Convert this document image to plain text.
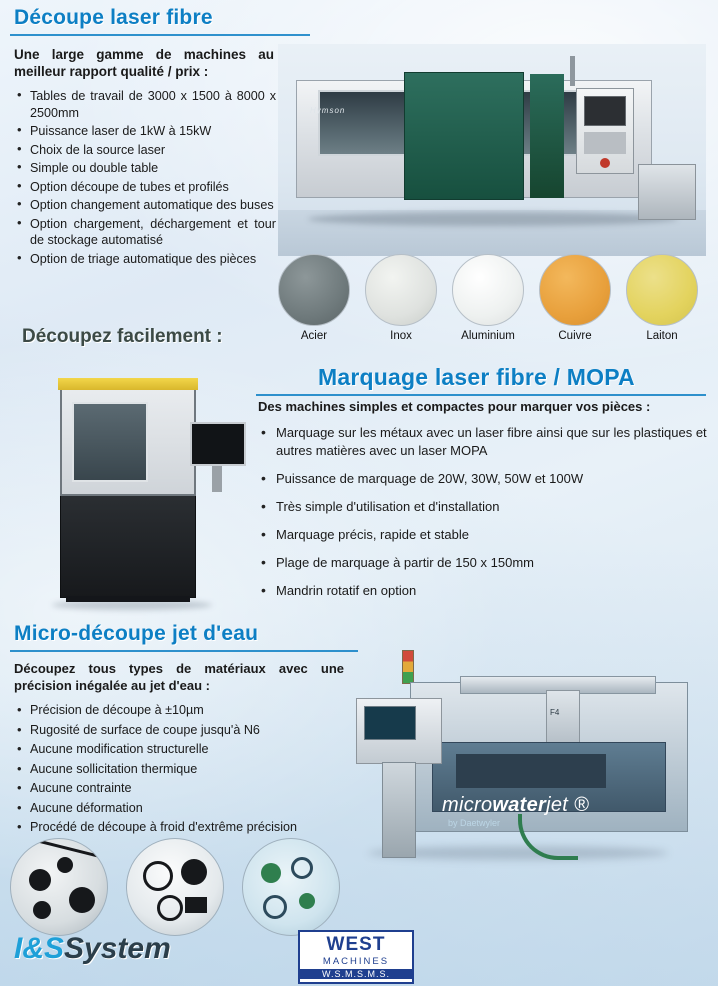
Découpe laser fibre
Une large gamme de machines au meilleur rapport qualité / prix :
• Tables de travail de 3000 x 1500 à 8000 x 2500mm
• Puissance laser de 1kW à 15kW
• Choix de la source laser
• Simple ou double table
• Option découpe de tubes et profilés
• Option changement automatique des buses
• Option chargement, déchargement et tour de stockage automatisé
• Option de triage automatique des pièces
Hymson
Acier	Inox	Aluminium	Cuivre	Laiton
Découpez facilement :
Marquage laser fibre / MOPA
Des machines simples et compactes pour marquer vos pièces :
• Marquage sur les métaux avec un laser fibre ainsi que sur les plastiques et autres matières avec un laser MOPA
• Puissance de marquage de 20W, 30W, 50W et 100W
• Très simple d'utilisation et d'installation
• Marquage précis, rapide et stable
• Plage de marquage à partir de 150 x 150mm
• Mandrin rotatif en option
Micro-découpe jet d'eau
Découpez tous types de matériaux avec une précision inégalée au jet d'eau :
• Précision de découpe à ±10µm
• Rugosité de surface de coupe jusqu'à N6
• Aucune modification structurelle
• Aucune sollicitation thermique
• Aucune contrainte
• Aucune déformation
• Procédé de découpe à froid d'extrême précision
F4
microwaterjet ®
by Daetwyler
I&SSystem	WEST
MACHINES
W.S.M.S.M.S.
